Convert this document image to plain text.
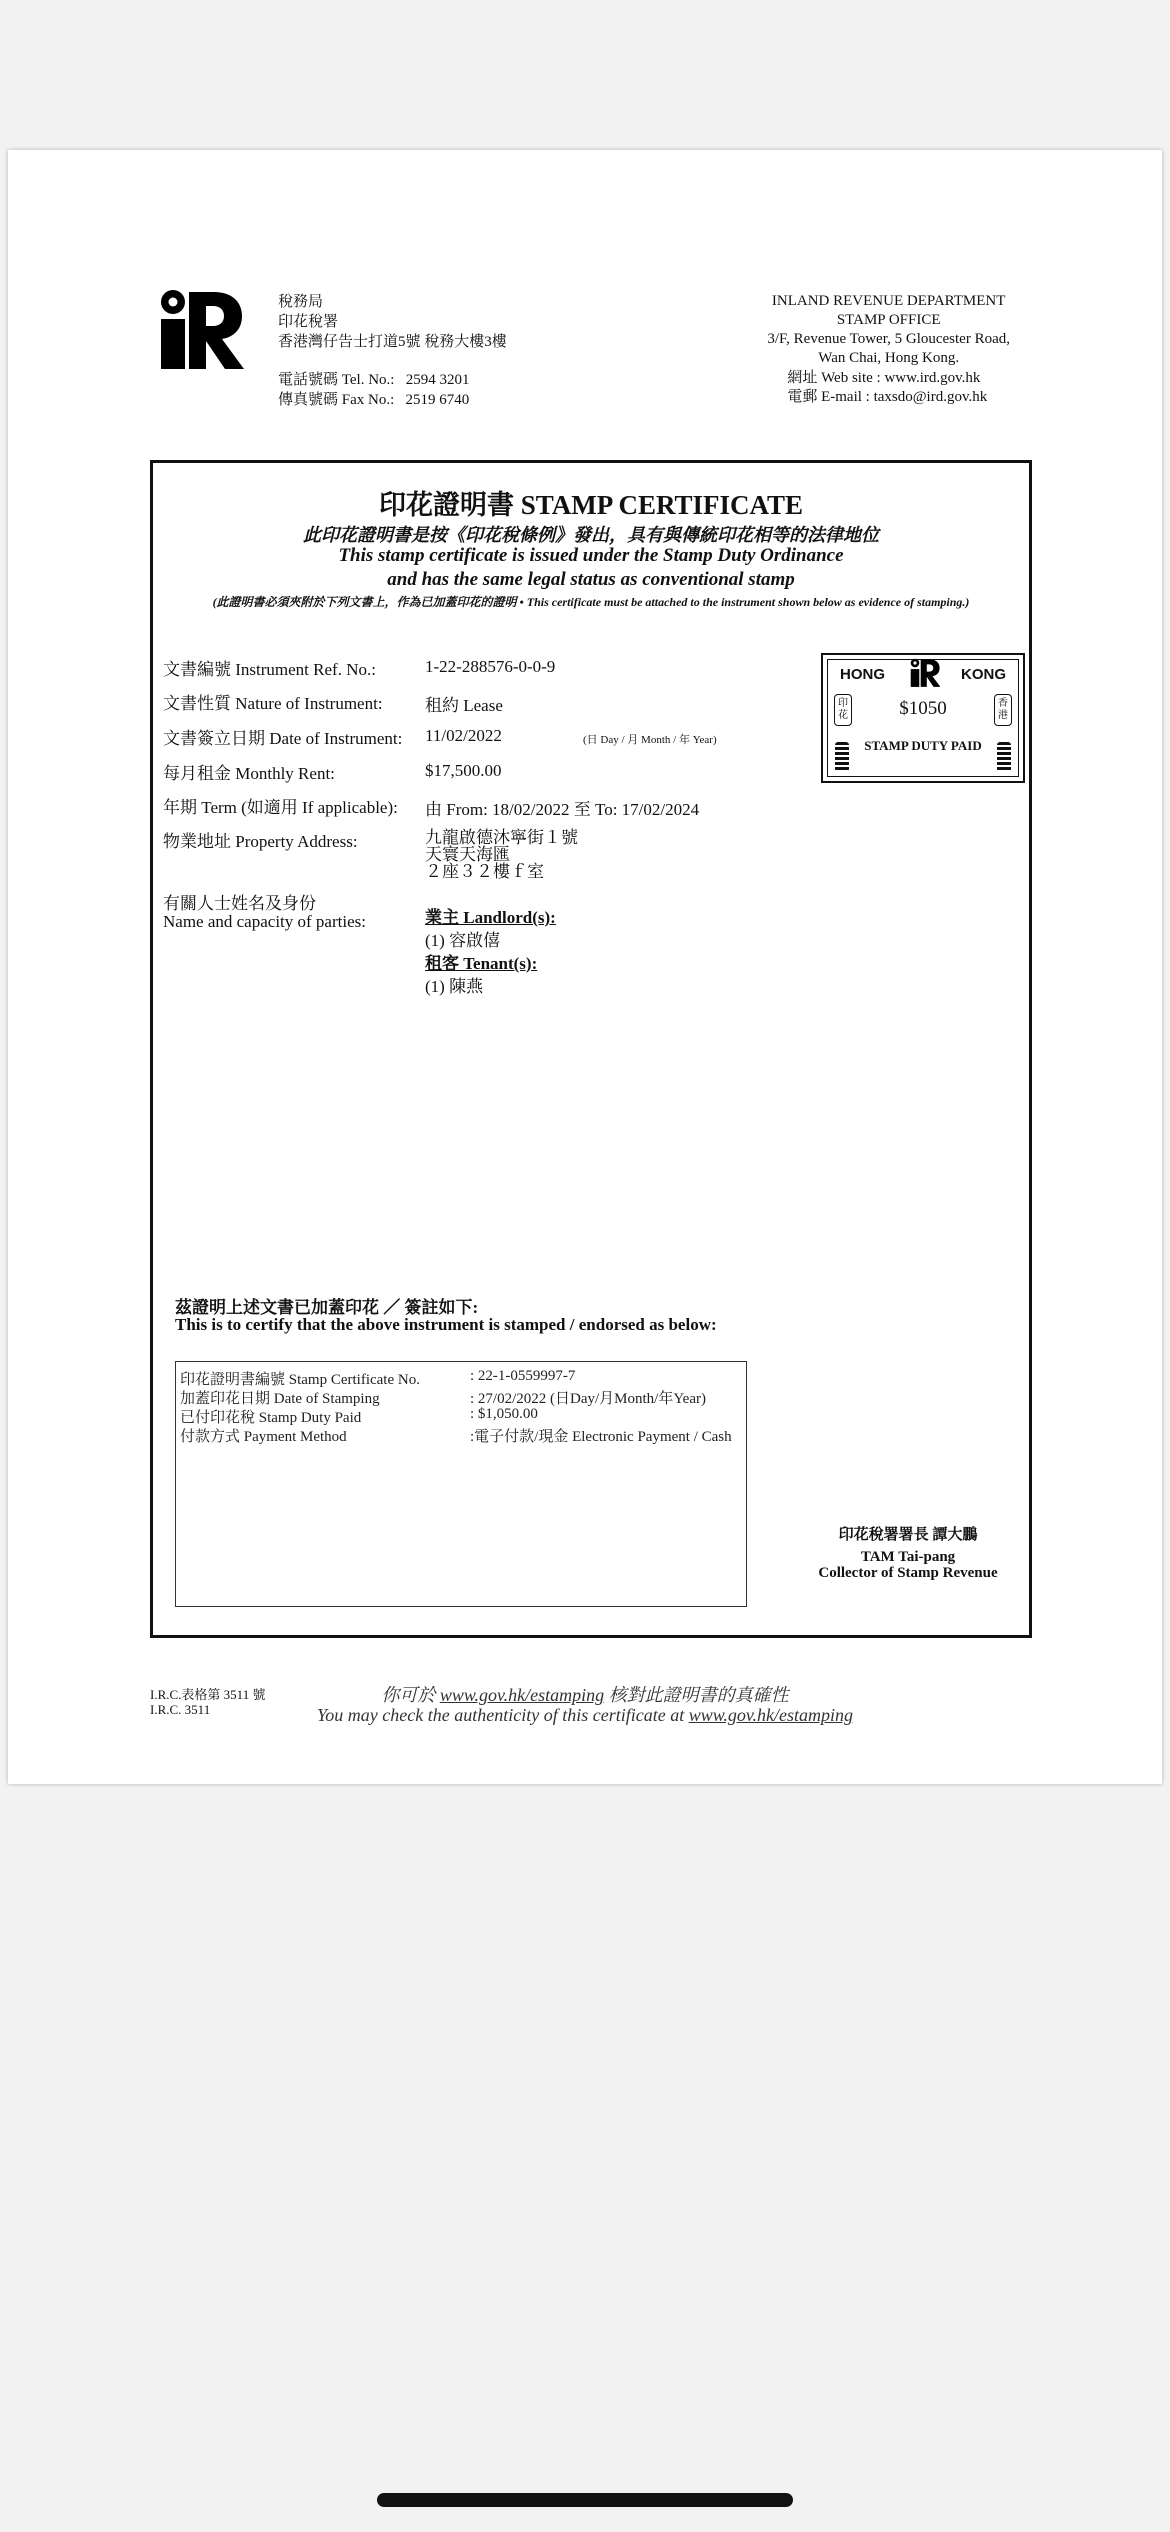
稅務局
印花稅署
香港灣仔告士打道5號 稅務大樓3樓
電話號碼 Tel. No.: 2594 3201
傳真號碼 Fax No.: 2519 6740
INLAND REVENUE DEPARTMENT
STAMP OFFICE
3/F, Revenue Tower, 5 Gloucester Road,
Wan Chai, Hong Kong.
網址 Web site : www.ird.gov.hk
電郵 E-mail : taxsdo@ird.gov.hk
印花證明書 STAMP CERTIFICATE
此印花證明書是按《印花稅條例》發出，具有與傳統印花相等的法律地位
This stamp certificate is issued under the Stamp Duty Ordinance
and has the same legal status as conventional stamp
(此證明書必須夾附於下列文書上，作為已加蓋印花的證明 • This certificate must be attached to the instrument shown below as evidence of stamping.)
文書編號 Instrument Ref. No.:	1-22-288576-0-0-9
文書性質 Nature of Instrument: 租約 Lease
文書簽立日期 Date of Instrument: 11/02/2022	(日 Day / 月 Month / 年 Year)
每月租金 Monthly Rent:	$17,500.00
年期 Term (如適用 If applicable): 由 From: 18/02/2022 至 To: 17/02/2024
物業地址 Property Address:	九龍啟德沐寧街１號
天寰天海匯
２座３２樓ｆ室
有關人士姓名及身份
Name and capacity of parties:	業主 Landlord(s):
(1) 容啟僖
租客 Tenant(s):
(1) 陳燕
HONG	KONG
印花
香港
$1050
STAMP DUTY PAID
茲證明上述文書已加蓋印花 ／ 簽註如下:
This is to certify that the above instrument is stamped / endorsed as below:
印花證明書編號 Stamp Certificate No.	: 22-1-0559997-7
加蓋印花日期 Date of Stamping	: 27/02/2022 (日Day/月Month/年Year)
已付印花稅 Stamp Duty Paid	: $1,050.00
付款方式 Payment Method	:電子付款/現金 Electronic Payment / Cash
印花稅署署長 譚大鵬
TAM Tai-pang
Collector of Stamp Revenue
I.R.C.表格第 3511 號
I.R.C. 3511
你可於 www.gov.hk/estamping 核對此證明書的真確性
You may check the authenticity of this certificate at www.gov.hk/estamping
